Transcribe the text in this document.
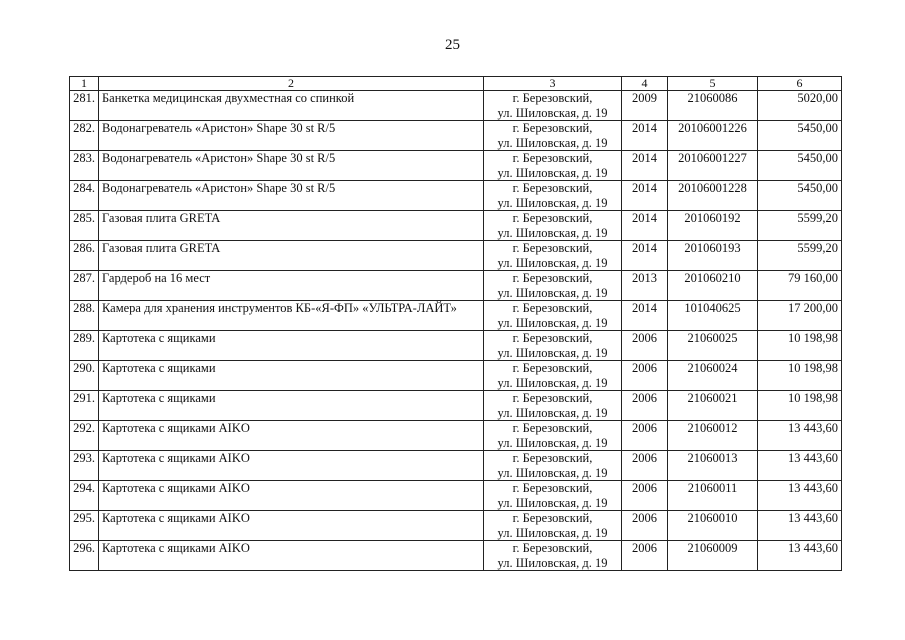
25
1	2	3	4	5	6
281.	Банкетка медицинская двухместная со спинкой	г. Березовский,
ул. Шиловская, д. 19	2009	21060086	5020,00
282.	Водонагреватель «Аристон» Shape 30 st R/5	г. Березовский,
ул. Шиловская, д. 19	2014	20106001226	5450,00
283.	Водонагреватель «Аристон» Shape 30 st R/5	г. Березовский,
ул. Шиловская, д. 19	2014	20106001227	5450,00
284.	Водонагреватель «Аристон» Shape 30 st R/5	г. Березовский,
ул. Шиловская, д. 19	2014	20106001228	5450,00
285.	Газовая плита GRETA	г. Березовский,
ул. Шиловская, д. 19	2014	201060192	5599,20
286.	Газовая плита GRETA	г. Березовский,
ул. Шиловская, д. 19	2014	201060193	5599,20
287.	Гардероб на 16 мест	г. Березовский,
ул. Шиловская, д. 19	2013	201060210	79 160,00
288.	Камера для хранения инструментов КБ-«Я-ФП» «УЛЬТРА-ЛАЙТ»	г. Березовский,
ул. Шиловская, д. 19	2014	101040625	17 200,00
289.	Картотека с ящиками	г. Березовский,
ул. Шиловская, д. 19	2006	21060025	10 198,98
290.	Картотека с ящиками	г. Березовский,
ул. Шиловская, д. 19	2006	21060024	10 198,98
291.	Картотека с ящиками	г. Березовский,
ул. Шиловская, д. 19	2006	21060021	10 198,98
292.	Картотека с ящиками AIKO	г. Березовский,
ул. Шиловская, д. 19	2006	21060012	13 443,60
293.	Картотека с ящиками AIKO	г. Березовский,
ул. Шиловская, д. 19	2006	21060013	13 443,60
294.	Картотека с ящиками AIKO	г. Березовский,
ул. Шиловская, д. 19	2006	21060011	13 443,60
295.	Картотека с ящиками AIKO	г. Березовский,
ул. Шиловская, д. 19	2006	21060010	13 443,60
296.	Картотека с ящиками AIKO	г. Березовский,
ул. Шиловская, д. 19	2006	21060009	13 443,60
